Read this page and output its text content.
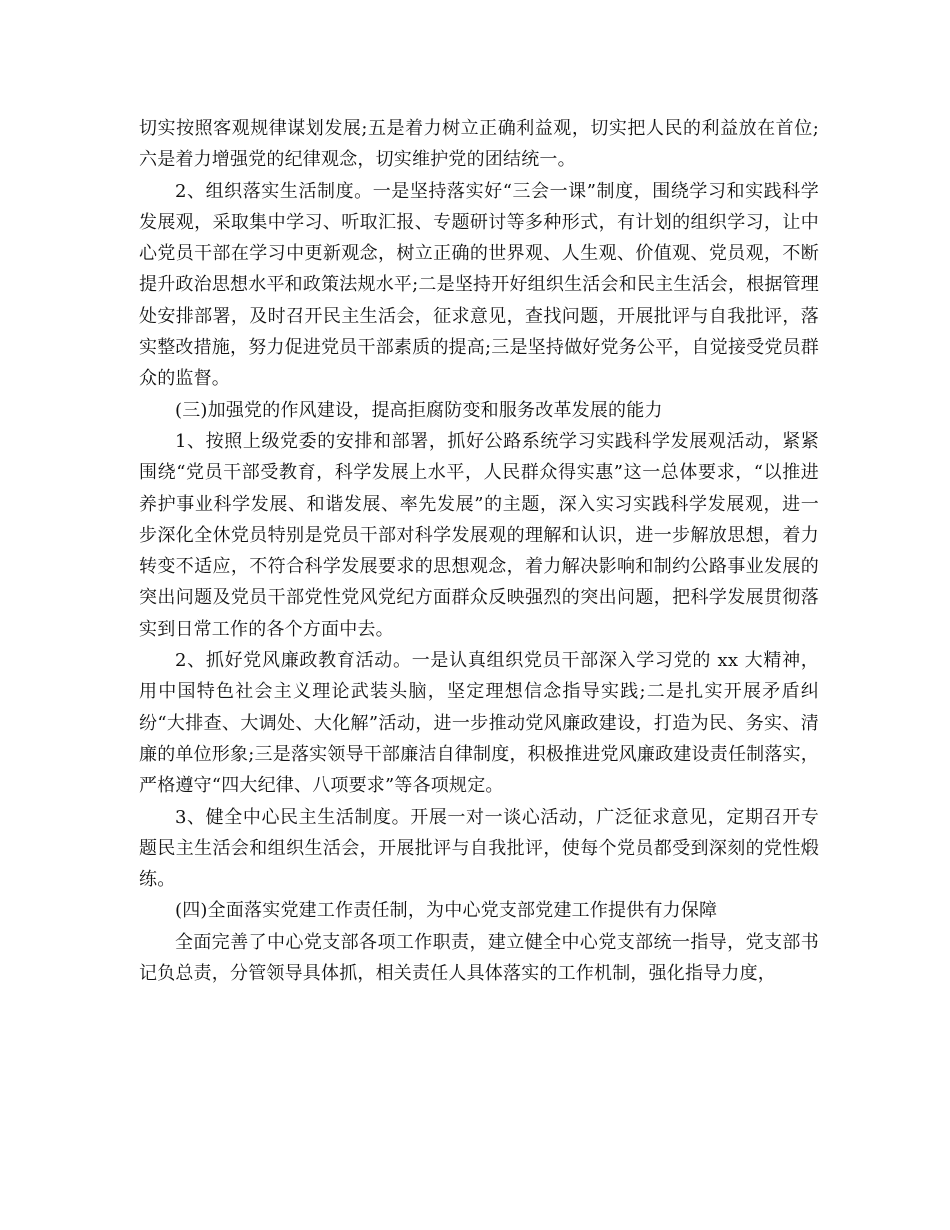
切实按照客观规律谋划发展;五是着力树立正确利益观，切实把人民的利益放在首位;六是着力增强党的纪律观念，切实维护党的团结统一。

2、组织落实生活制度。一是坚持落实好“三会一课”制度，围绕学习和实践科学发展观，采取集中学习、听取汇报、专题研讨等多种形式，有计划的组织学习，让中心党员干部在学习中更新观念，树立正确的世界观、人生观、价值观、党员观，不断提升政治思想水平和政策法规水平;二是坚持开好组织生活会和民主生活会，根据管理处安排部署，及时召开民主生活会，征求意见，查找问题，开展批评与自我批评，落实整改措施，努力促进党员干部素质的提高;三是坚持做好党务公平，自觉接受党员群众的监督。

(三)加强党的作风建设，提高拒腐防变和服务改革发展的能力

1、按照上级党委的安排和部署，抓好公路系统学习实践科学发展观活动，紧紧围绕“党员干部受教育，科学发展上水平，人民群众得实惠”这一总体要求，“以推进养护事业科学发展、和谐发展、率先发展”的主题，深入实习实践科学发展观，进一步深化全休党员特别是党员干部对科学发展观的理解和认识，进一步解放思想，着力转变不适应，不符合科学发展要求的思想观念，着力解决影响和制约公路事业发展的突出问题及党员干部党性党风党纪方面群众反映强烈的突出问题，把科学发展贯彻落实到日常工作的各个方面中去。

2、抓好党风廉政教育活动。一是认真组织党员干部深入学习党的 xx 大精神，用中国特色社会主义理论武装头脑，坚定理想信念指导实践;二是扎实开展矛盾纠纷“大排查、大调处、大化解”活动，进一步推动党风廉政建设，打造为民、务实、清廉的单位形象;三是落实领导干部廉洁自律制度，积极推进党风廉政建设责任制落实，严格遵守“四大纪律、八项要求”等各项规定。

3、健全中心民主生活制度。开展一对一谈心活动，广泛征求意见，定期召开专题民主生活会和组织生活会，开展批评与自我批评，使每个党员都受到深刻的党性煅练。

(四)全面落实党建工作责任制，为中心党支部党建工作提供有力保障

全面完善了中心党支部各项工作职责，建立健全中心党支部统一指导，党支部书记负总责，分管领导具体抓，相关责任人具体落实的工作机制，强化指导力度，
